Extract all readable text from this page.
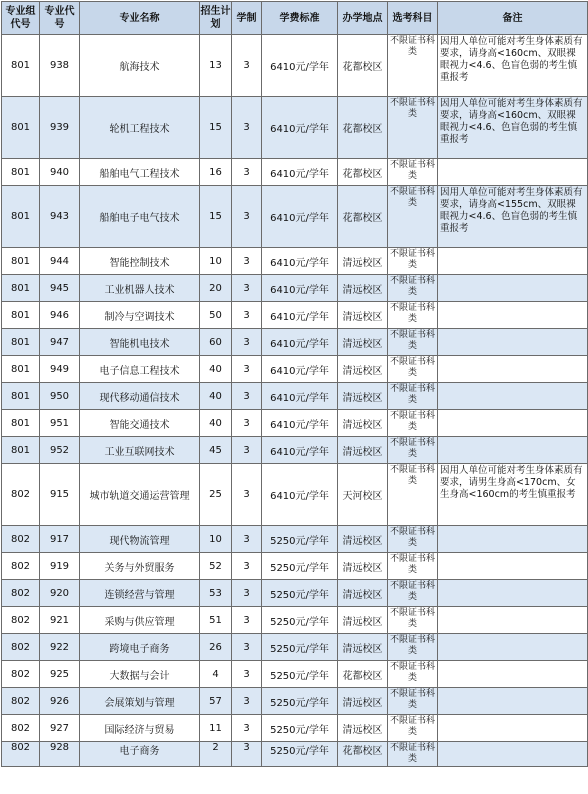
专业组代号	专业代号	专业名称	招生计划	学制	学费标准	办学地点	选考科目	备注
801	938	航海技术	13	3	6410元/学年	花都校区	不限证书科类	因用人单位可能对考生身体素质有要求，请身高<160cm、双眼裸眼视力<4.6、色盲色弱的考生慎重报考
801	939	轮机工程技术	15	3	6410元/学年	花都校区	不限证书科类	因用人单位可能对考生身体素质有要求，请身高<160cm、双眼裸眼视力<4.6、色盲色弱的考生慎重报考
801	940	船舶电气工程技术	16	3	6410元/学年	花都校区	不限证书科类	
801	943	船舶电子电气技术	15	3	6410元/学年	花都校区	不限证书科类	因用人单位可能对考生身体素质有要求，请身高<155cm、双眼裸眼视力<4.6、色盲色弱的考生慎重报考
801	944	智能控制技术	10	3	6410元/学年	清远校区	不限证书科类	
801	945	工业机器人技术	20	3	6410元/学年	清远校区	不限证书科类	
801	946	制冷与空调技术	50	3	6410元/学年	清远校区	不限证书科类	
801	947	智能机电技术	60	3	6410元/学年	清远校区	不限证书科类	
801	949	电子信息工程技术	40	3	6410元/学年	清远校区	不限证书科类	
801	950	现代移动通信技术	40	3	6410元/学年	清远校区	不限证书科类	
801	951	智能交通技术	40	3	6410元/学年	清远校区	不限证书科类	
801	952	工业互联网技术	45	3	6410元/学年	清远校区	不限证书科类	
802	915	城市轨道交通运营管理	25	3	6410元/学年	天河校区	不限证书科类	因用人单位可能对考生身体素质有要求，请男生身高<170cm、女生身高<160cm的考生慎重报考
802	917	现代物流管理	10	3	5250元/学年	清远校区	不限证书科类	
802	919	关务与外贸服务	52	3	5250元/学年	清远校区	不限证书科类	
802	920	连锁经营与管理	53	3	5250元/学年	清远校区	不限证书科类	
802	921	采购与供应管理	51	3	5250元/学年	清远校区	不限证书科类	
802	922	跨境电子商务	26	3	5250元/学年	清远校区	不限证书科类	
802	925	大数据与会计	4	3	5250元/学年	花都校区	不限证书科类	
802	926	会展策划与管理	57	3	5250元/学年	清远校区	不限证书科类	
802	927	国际经济与贸易	11	3	5250元/学年	清远校区	不限证书科类	
802	928	电子商务	2	3	5250元/学年	花都校区	不限证书科类	
